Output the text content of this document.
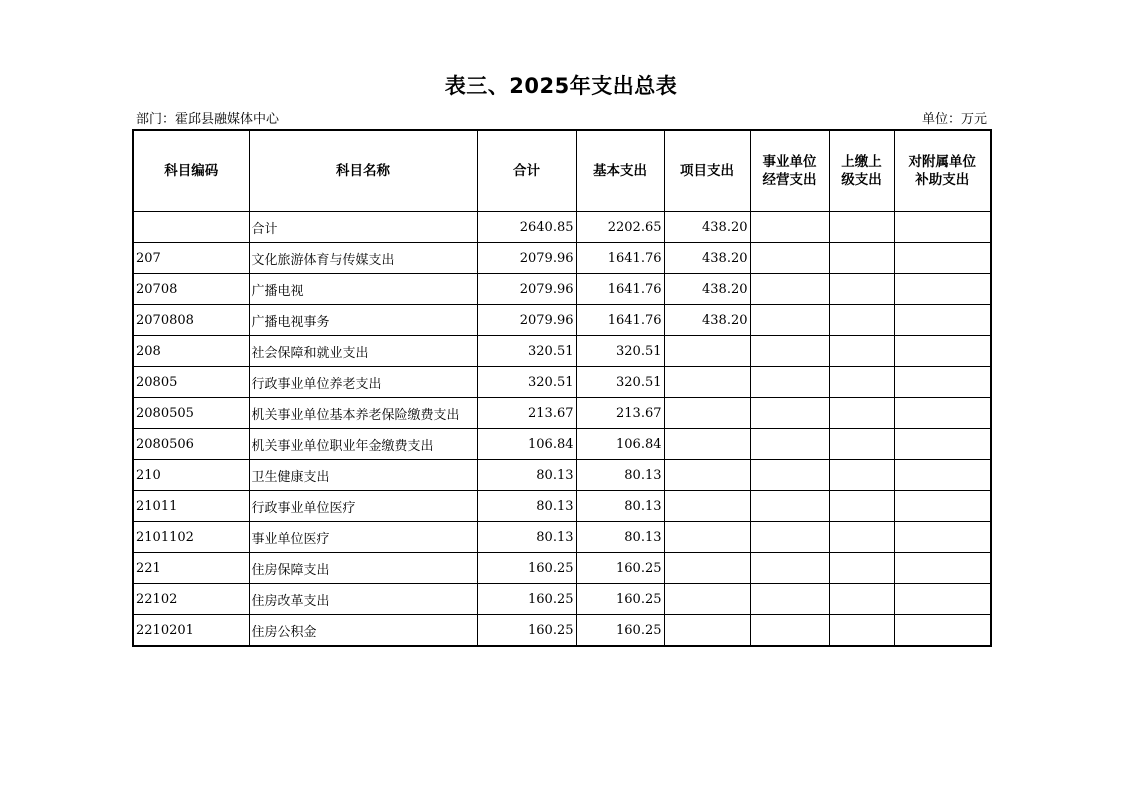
表三、2025年支出总表
部门：霍邱县融媒体中心	单位：万元
科目编码	科目名称	合计	基本支出	项目支出	事业单位经营支出	上缴上级支出	对附属单位补助支出
	合计	2640.85	2202.65	438.20			
207	文化旅游体育与传媒支出	2079.96	1641.76	438.20			
20708	广播电视	2079.96	1641.76	438.20			
2070808	广播电视事务	2079.96	1641.76	438.20			
208	社会保障和就业支出	320.51	320.51				
20805	行政事业单位养老支出	320.51	320.51				
2080505	机关事业单位基本养老保险缴费支出	213.67	213.67				
2080506	机关事业单位职业年金缴费支出	106.84	106.84				
210	卫生健康支出	80.13	80.13				
21011	行政事业单位医疗	80.13	80.13				
2101102	事业单位医疗	80.13	80.13				
221	住房保障支出	160.25	160.25				
22102	住房改革支出	160.25	160.25				
2210201	住房公积金	160.25	160.25				
